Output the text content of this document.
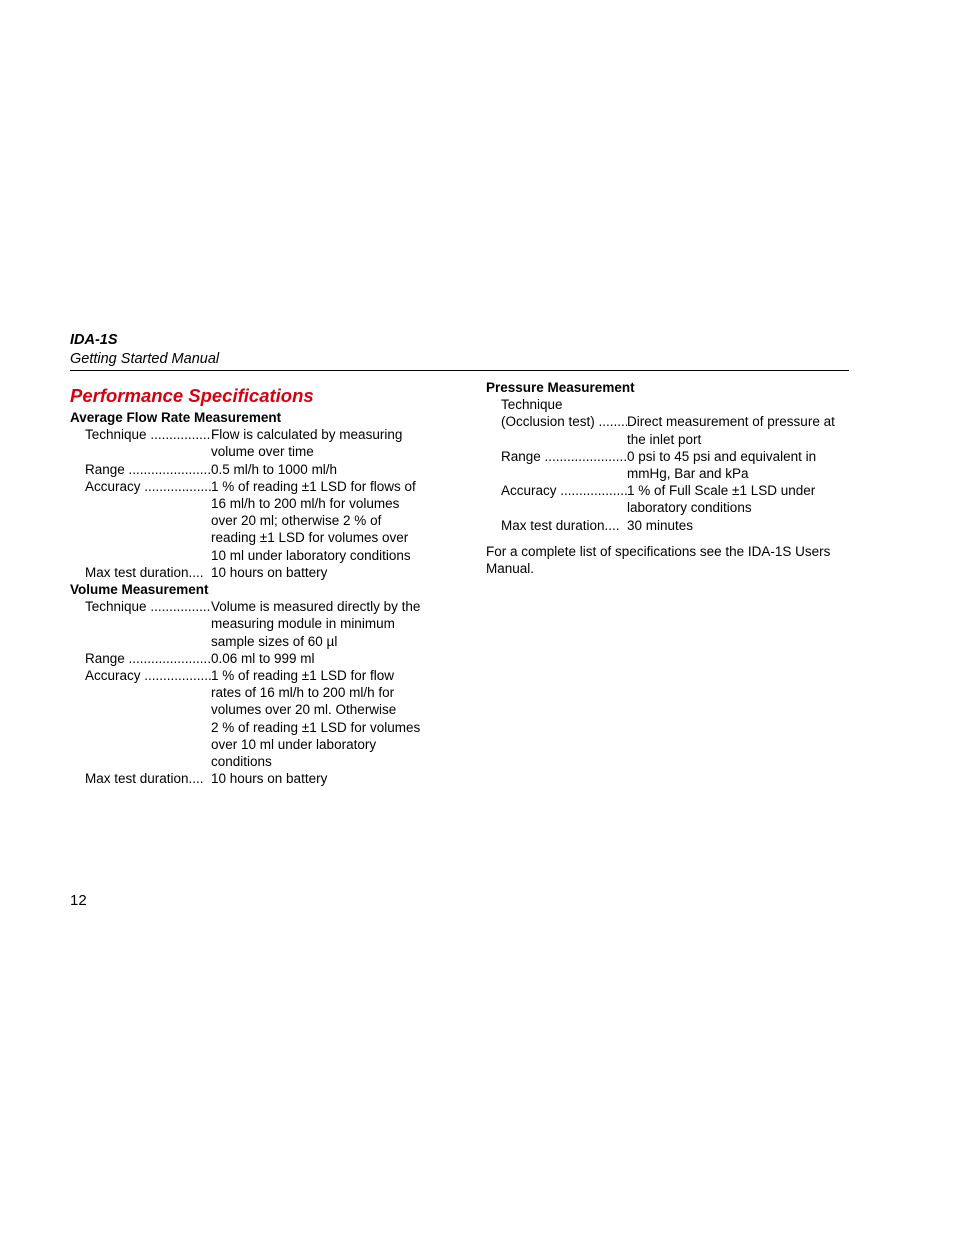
IDA-1S
Getting Started Manual
Performance Specifications
Average Flow Rate Measurement
Technique .....	Flow is calculated by measuring
volume over time
Range .....	0.5 ml/h to 1000 ml/h
Accuracy .....	1 % of reading ±1 LSD for flows of
16 ml/h to 200 ml/h for volumes
over 20 ml; otherwise 2 % of
reading ±1 LSD for volumes over
10 ml under laboratory conditions
Max test duration.... 10 hours on battery
Volume Measurement
Technique .....	Volume is measured directly by the
measuring module in minimum
sample sizes of 60 µl
Range .....	0.06 ml to 999 ml
Accuracy .....	1 % of reading ±1 LSD for flow
rates of 16 ml/h to 200 ml/h for
volumes over 20 ml. Otherwise
2 % of reading ±1 LSD for volumes
over 10 ml under laboratory
conditions
Max test duration.... 10 hours on battery
Pressure Measurement
Technique
(Occlusion test) .....	Direct measurement of pressure at
the inlet port
Range .....	0 psi to 45 psi and equivalent in
mmHg, Bar and kPa
Accuracy .....	1 % of Full Scale ±1 LSD under
laboratory conditions
Max test duration.... 30 minutes
For a complete list of specifications see the IDA-1S Users Manual.
12
